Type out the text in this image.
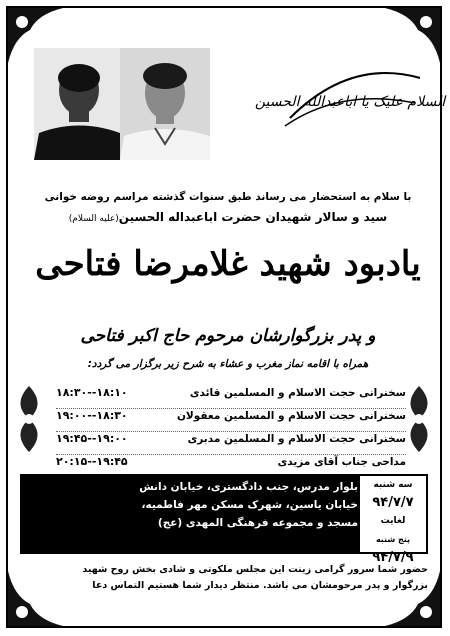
السلام علیک یا اباعبدالله الحسین
با سلام به استحضار می رساند طبق سنوات گذشته مراسم روضه خوانی
سید و سالار شهیدان حضرت اباعبداله الحسین(علیه السلام)
یادبود شهید غلامرضا فتاحی
و پدر بزرگوارشان مرحوم حاج اکبر فتاحی
همراه با اقامه نماز مغرب و عشاء به شرح زیر برگزار می گردد:
سخنرانی حجت الاسلام و المسلمین قائدی
۱۸:۳۰--۱۸:۱۰
سخنرانی حجت الاسلام و المسلمین معقولان
۱۹:۰۰--۱۸:۳۰
سخنرانی حجت الاسلام و المسلمین مدبری
۱۹:۴۵--۱۹:۰۰
مداحی جناب آقای مزیدی
۲۰:۱۵--۱۹:۴۵
بلوار مدرس، جنب دادگستری، خیابان دانش
خیابان یاسین، شهرک مسکن مهر فاطمیه،
مسجد و مجموعه فرهنگی المهدی (عج)
سه شنبه
۹۴/۷/۷
لغایت
پنج شنبه ۹۴/۷/۹
حضور شما سرور گرامی زینت این مجلس ملکوتی و شادی بخش روح شهید
بزرگوار و پدر مرحومشان می باشد. منتظر دیدار شما هستیم التماس دعا
